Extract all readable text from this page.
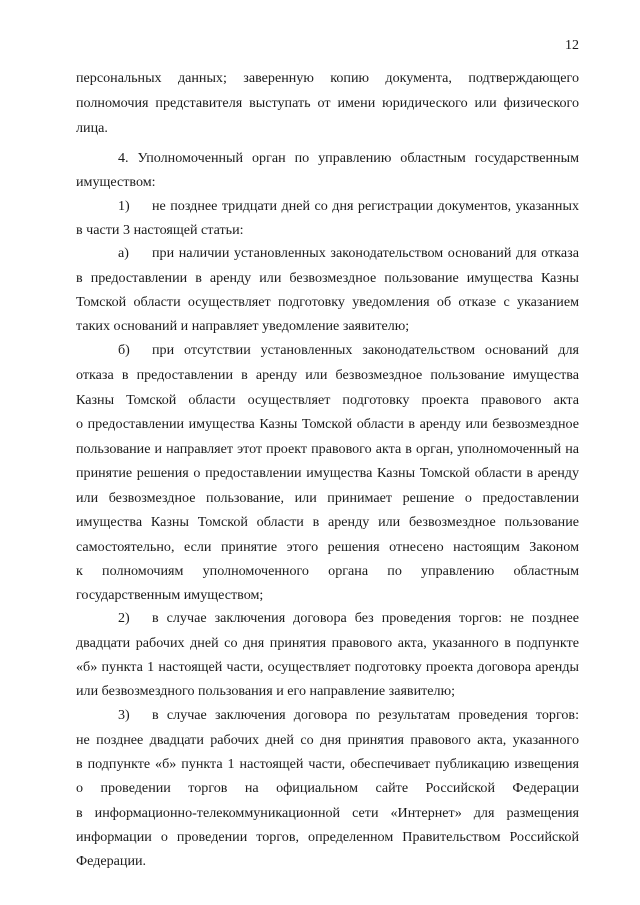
12
персональных данных; заверенную копию документа, подтверждающего
полномочия представителя выступать от имени юридического или физического
лица.
4. Уполномоченный орган по управлению областным государственным
имуществом:
1) не позднее тридцати дней со дня регистрации документов, указанных
в части 3 настоящей статьи:
а) при наличии установленных законодательством оснований для отказа
в предоставлении в аренду или безвозмездное пользование имущества Казны
Томской области осуществляет подготовку уведомления об отказе с указанием
таких оснований и направляет уведомление заявителю;
б) при отсутствии установленных законодательством оснований для
отказа в предоставлении в аренду или безвозмездное пользование имущества
Казны Томской области осуществляет подготовку проекта правового акта
о предоставлении имущества Казны Томской области в аренду или безвозмездное
пользование и направляет этот проект правового акта в орган, уполномоченный на
принятие решения о предоставлении имущества Казны Томской области в аренду
или безвозмездное пользование, или принимает решение о предоставлении
имущества Казны Томской области в аренду или безвозмездное пользование
самостоятельно, если принятие этого решения отнесено настоящим Законом
к полномочиям уполномоченного органа по управлению областным
государственным имуществом;
2) в случае заключения договора без проведения торгов: не позднее
двадцати рабочих дней со дня принятия правового акта, указанного в подпункте
«б» пункта 1 настоящей части, осуществляет подготовку проекта договора аренды
или безвозмездного пользования и его направление заявителю;
3) в случае заключения договора по результатам проведения торгов:
не позднее двадцати рабочих дней со дня принятия правового акта, указанного
в подпункте «б» пункта 1 настоящей части, обеспечивает публикацию извещения
о проведении торгов на официальном сайте Российской Федерации
в информационно-телекоммуникационной сети «Интернет» для размещения
информации о проведении торгов, определенном Правительством Российской
Федерации.
